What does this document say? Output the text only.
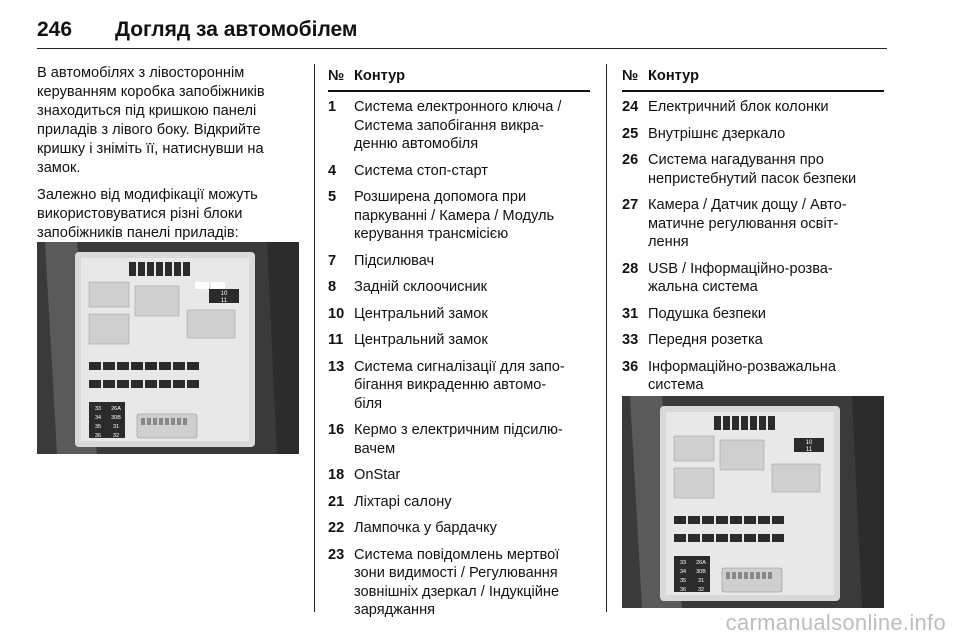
246 Догляд за автомобілем

В автомобілях з лівостороннім керуванням коробка запобіжників знаходиться під кришкою панелі приладів з лівого боку. Відкрийте кришку і зніміть її, натиснувши на замок.

Залежно від модифікації можуть використовуватися різні блоки запобіжників панелі приладів:

10
11
33
34
35
36
26A
30B
31
32
№ Контур
1	Система електронного ключа /
Система запобігання викра-
денню автомобіля
4	Система стоп-старт
5	Розширена допомога при
паркуванні / Камера / Модуль
керування трансмісією
7	Підсилювач
8	Задній склоочисник
10 Центральний замок
11 Центральний замок
13 Система сигналізації для запо-
бігання викраденню автомо-
біля
16 Кермо з електричним підсилю-
вачем
18 OnStar
21 Ліхтарі салону
22 Лампочка у бардачку
23 Система повідомлень мертвої
зони видимості / Регулювання
зовнішніх дзеркал / Індукційне
заряджання
№ Контур
24 Електричний блок колонки
25 Внутрішнє дзеркало
26 Система нагадування про
непристебнутий пасок безпеки
27 Камера / Датчик дощу / Авто-
матичне регулювання освіт-
лення
28 USB / Інформаційно-розва-
жальна система
31 Подушка безпеки
33 Передня розетка
36 Інформаційно-розважальна
система
10
11
33
34
35
36
26A
30B
31
32
carmanualsonline.info
